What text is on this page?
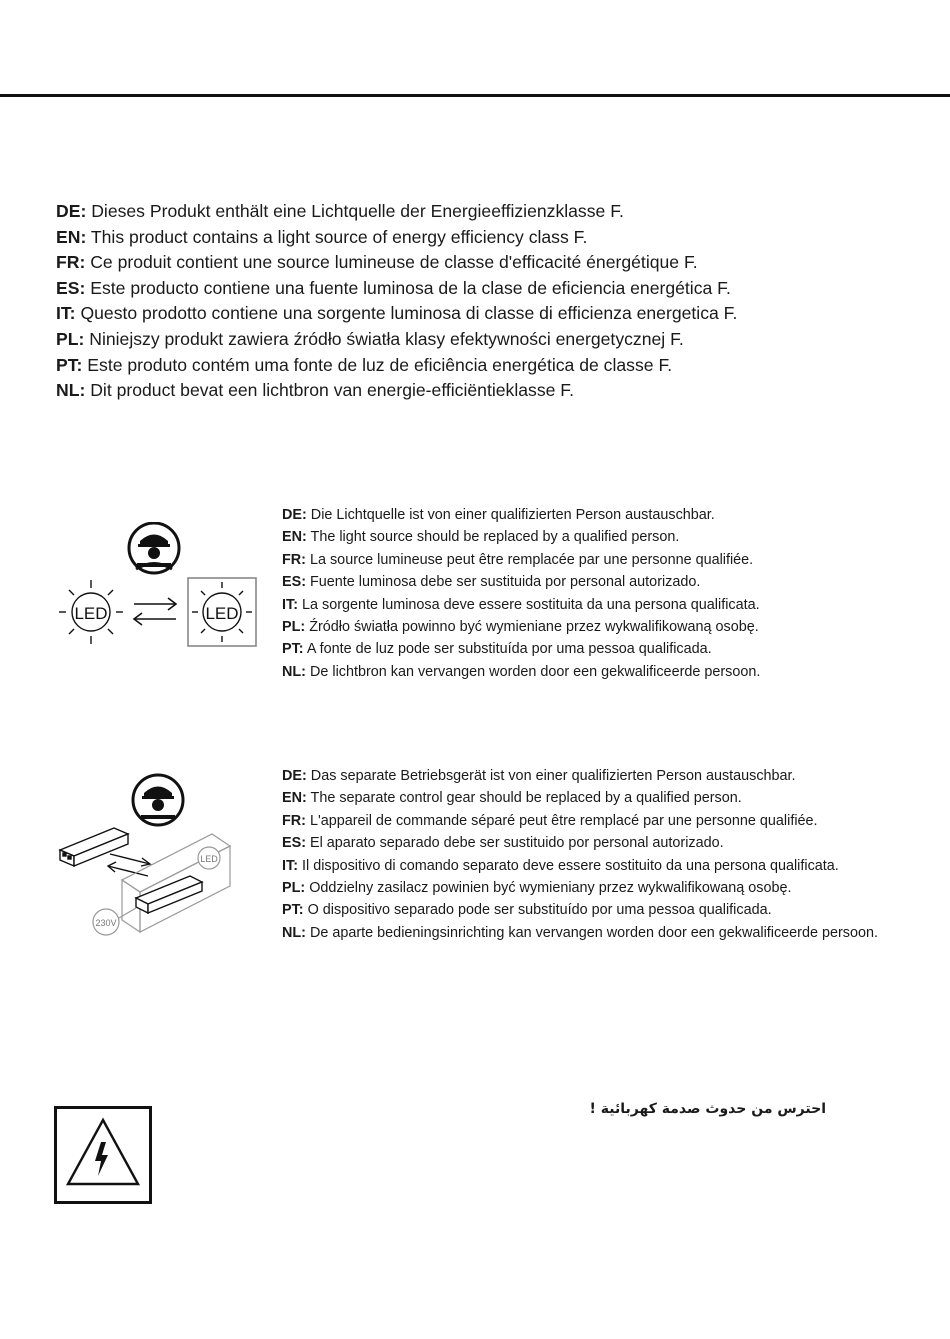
DE: Dieses Produkt enthält eine Lichtquelle der Energieeffizienzklasse F.
EN: This product contains a light source of energy efficiency class F.
FR: Ce produit contient une source lumineuse de classe d'efficacité énergétique F.
ES: Este producto contiene una fuente luminosa de la clase de eficiencia energética F.
IT: Questo prodotto contiene una sorgente luminosa di classe di efficienza energetica F.
PL: Niniejszy produkt zawiera źródło światła klasy efektywności energetycznej F.
PT: Este produto contém uma fonte de luz de eficiência energética de classe F.
NL: Dit product bevat een lichtbron van energie-efficiëntieklasse F.
LED	LED
DE: Die Lichtquelle ist von einer qualifizierten Person austauschbar.
EN: The light source should be replaced by a qualified person.
FR: La source lumineuse peut être remplacée par une personne qualifiée.
ES: Fuente luminosa debe ser sustituida por personal autorizado.
IT: La sorgente luminosa deve essere sostituita da una persona qualificata.
PL: Źródło światła powinno być wymieniane przez wykwalifikowaną osobę.
PT: A fonte de luz pode ser substituída por uma pessoa qualificada.
NL: De lichtbron kan vervangen worden door een gekwalificeerde persoon.
LED
230V
DE: Das separate Betriebsgerät ist von einer qualifizierten Person austauschbar.
EN: The separate control gear should be replaced by a qualified person.
FR: L'appareil de commande séparé peut être remplacé par une personne qualifiée.
ES: El aparato separado debe ser sustituido por personal autorizado.
IT: Il dispositivo di comando separato deve essere sostituito da una persona qualificata.
PL: Oddzielny zasilacz powinien być wymieniany przez wykwalifikowaną osobę.
PT: O dispositivo separado pode ser substituído por uma pessoa qualificada.
NL: De aparte bedieningsinrichting kan vervangen worden door een gekwalificeerde persoon.
احترس من حدوث صدمة كهربائية !
